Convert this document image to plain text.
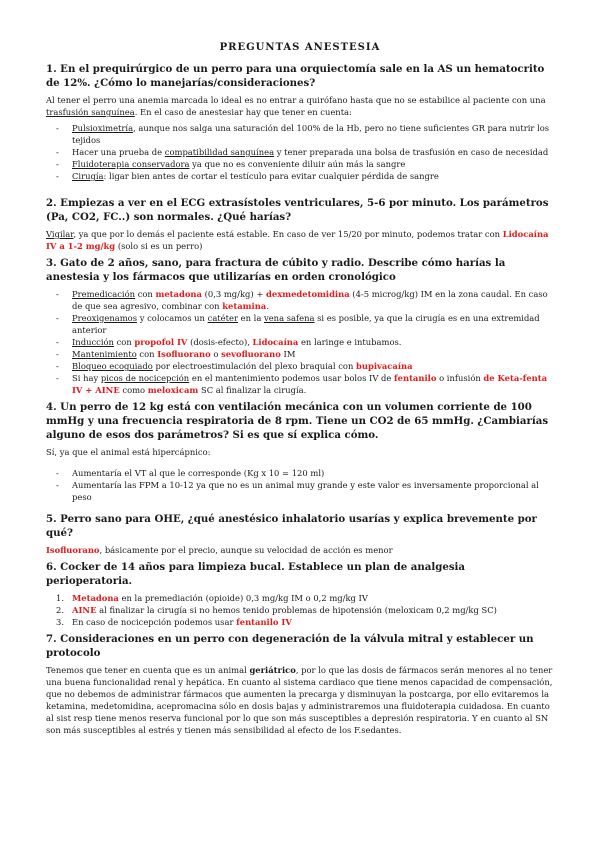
PREGUNTAS ANESTESIA
1. En el prequirúrgico de un perro para una orquiectomía sale en la AS un hematocrito de 12%. ¿Cómo lo manejarías/consideraciones?
Al tener el perro una anemia marcada lo ideal es no entrar a quirófano hasta que no se estabilice al paciente con una trasfusión sanguínea. En el caso de anestesiar hay que tener en cuenta:
- Pulsioximetría, aunque nos salga una saturación del 100% de la Hb, pero no tiene suficientes GR para nutrir los tejidos
- Hacer una prueba de compatibilidad sanguínea y tener preparada una bolsa de trasfusión en caso de necesidad
- Fluidoterapia conservadora ya que no es conveniente diluir aún más la sangre
- Cirugía: ligar bien antes de cortar el testículo para evitar cualquier pérdida de sangre
2. Empiezas a ver en el ECG extrasístoles ventriculares, 5-6 por minuto. Los parámetros (Pa, CO2, FC..) son normales. ¿Qué harías?
Vigilar, ya que por lo demás el paciente está estable. En caso de ver 15/20 por minuto, podemos tratar con Lidocaína IV a 1-2 mg/kg (solo si es un perro)
3. Gato de 2 años, sano, para fractura de cúbito y radio. Describe cómo harías la anestesia y los fármacos que utilizarías en orden cronológico
- Premedicación con metadona (0,3 mg/kg) + dexmedetomidina (4-5 microg/kg) IM en la zona caudal. En caso de que sea agresivo, combinar con ketamina.
- Preoxigenamos y colocamos un catéter en la vena safena si es posible, ya que la cirugía es en una extremidad anterior
- Inducción con propofol IV (dosis-efecto), Lidocaína en laringe e intubamos.
- Mantenimiento con Isofluorano o sevofluorano IM
- Bloqueo ecoguiado por electroestimulación del plexo braquial con bupivacaína
- Si hay picos de nocicepción en el mantenimiento podemos usar bolos IV de fentanilo o infusión de Keta-fenta IV + AINE como meloxicam SC al finalizar la cirugía.
4. Un perro de 12 kg está con ventilación mecánica con un volumen corriente de 100 mmHg y una frecuencia respiratoria de 8 rpm. Tiene un CO2 de 65 mmHg. ¿Cambiarías alguno de esos dos parámetros? Si es que sí explica cómo.
Sí, ya que el animal está hipercápnico:
- Aumentaría el VT al que le corresponde (Kg x 10 = 120 ml)
- Aumentaría las FPM a 10-12 ya que no es un animal muy grande y este valor es inversamente proporcional al peso
5. Perro sano para OHE, ¿qué anestésico inhalatorio usarías y explica brevemente por qué?
Isofluorano, básicamente por el precio, aunque su velocidad de acción es menor
6. Cocker de 14 años para limpieza bucal. Establece un plan de analgesia perioperatoria.
1. Metadona en la premediación (opioide) 0,3 mg/kg IM o 0,2 mg/kg IV
2. AINE al finalizar la cirugía si no hemos tenido problemas de hipotensión (meloxicam 0,2 mg/kg SC)
3. En caso de nocicepción podemos usar fentanilo IV
7. Consideraciones en un perro con degeneración de la válvula mitral y establecer un protocolo
Tenemos que tener en cuenta que es un animal geriátrico, por lo que las dosis de fármacos serán menores al no tener una buena funcionalidad renal y hepática. En cuanto al sistema cardiaco que tiene menos capacidad de compensación, que no debemos de administrar fármacos que aumenten la precarga y disminuyan la postcarga, por ello evitaremos la ketamina, medetomidina, acepromacina sólo en dosis bajas y administraremos una fluidoterapia cuidadosa. En cuanto al sist resp tiene menos reserva funcional por lo que son más susceptibles a depresión respiratoria. Y en cuanto al SN son más susceptibles al estrés y tienen más sensibilidad al efecto de los F.sedantes.
